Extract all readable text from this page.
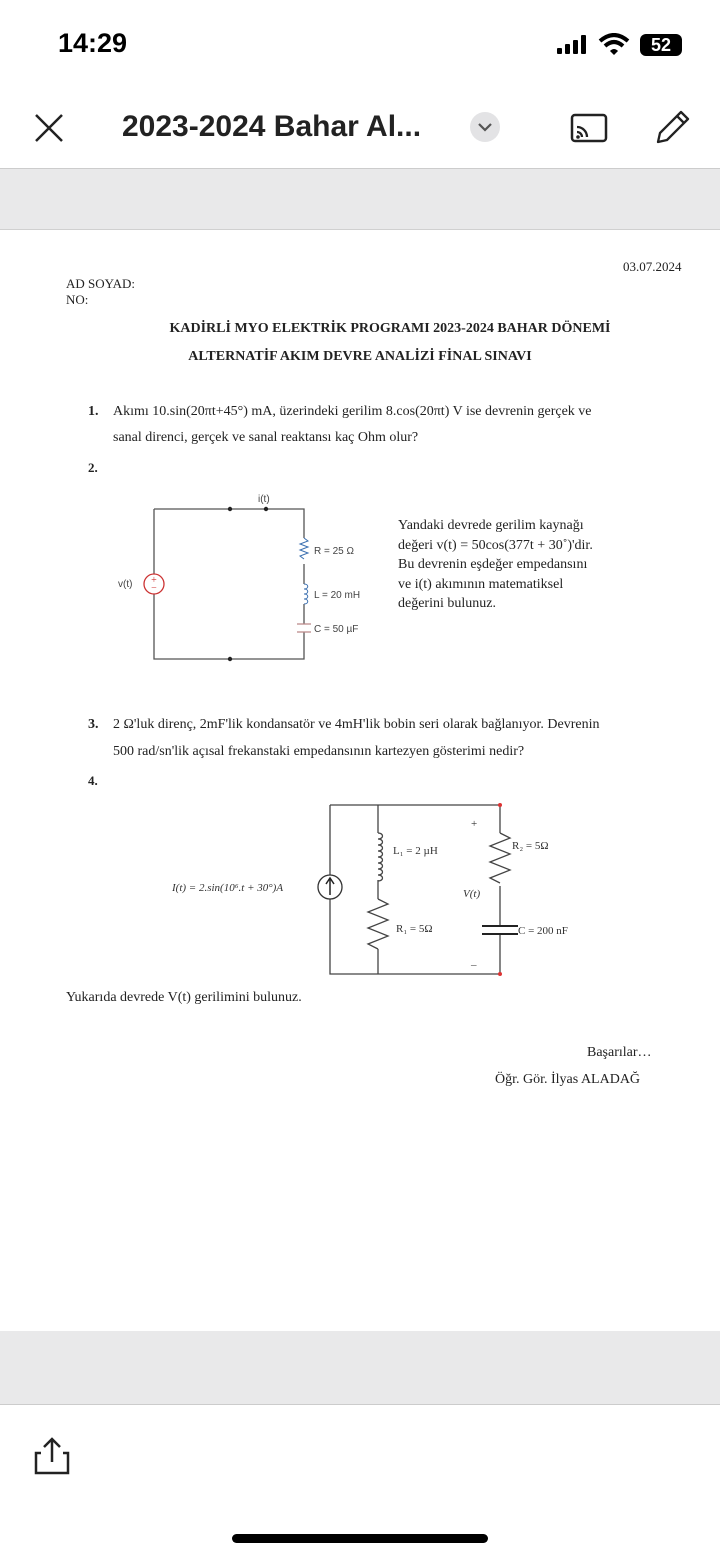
14:29	52
2023-2024 Bahar Al...
03.07.2024
AD SOYAD:
NO:
KADİRLİ MYO ELEKTRİK PROGRAMI 2023-2024 BAHAR DÖNEMİ
ALTERNATİF AKIM DEVRE ANALİZİ FİNAL SINAVI
1. Akımı 10.sin(20πt+45°) mA, üzerindeki gerilim 8.cos(20πt) V ise devrenin gerçek ve
sanal direnci, gerçek ve sanal reaktansı kaç Ohm olur?
2.
+
−
i(t)
v(t)
R = 25 Ω
L = 20 mH
C = 50 µF
Yandaki devrede gerilim kaynağı
değeri v(t) = 50cos(377t + 30˚)'dir.
Bu devrenin eşdeğer empedansını
ve i(t) akımının matematiksel
değerini bulunuz.
3. 2 Ω'luk direnç, 2mF'lik kondansatör ve 4mH'lik bobin seri olarak bağlanıyor. Devrenin
500 rad/sn'lik açısal frekanstaki empedansının kartezyen gösterimi nedir?
4.
I(t) = 2.sin(10⁶.t + 30°)A
L₁ = 2 µH
R₁ = 5Ω
R₂ = 5Ω
C = 200 nF
V(t)
+
–
Yukarıda devrede V(t) gerilimini bulunuz.
Başarılar…
Öğr. Gör. İlyas ALADAĞ
